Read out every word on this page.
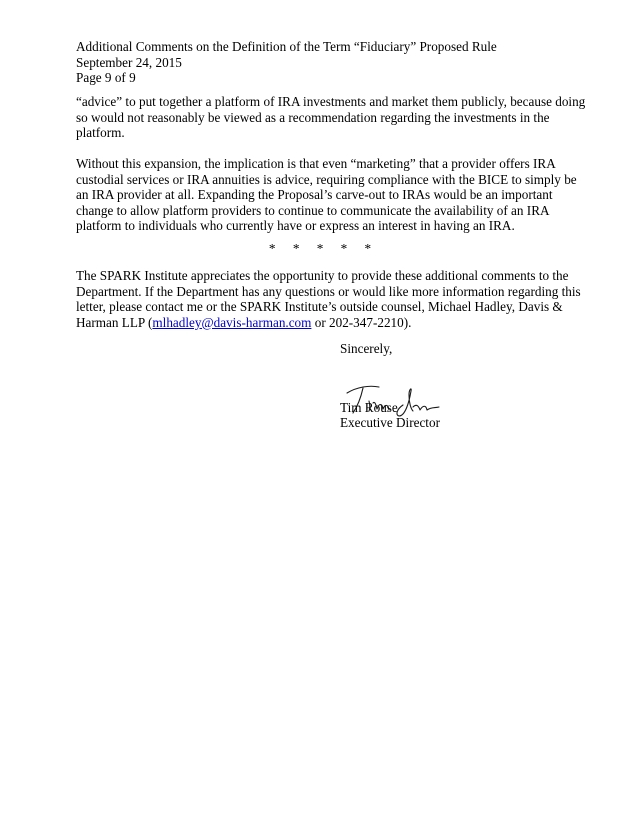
Additional Comments on the Definition of the Term “Fiduciary” Proposed Rule
September 24, 2015
Page 9 of 9
“advice” to put together a platform of IRA investments and market them publicly, because doing
so would not reasonably be viewed as a recommendation regarding the investments in the
platform.
Without this expansion, the implication is that even “marketing” that a provider offers IRA
custodial services or IRA annuities is advice, requiring compliance with the BICE to simply be
an IRA provider at all. Expanding the Proposal’s carve-out to IRAs would be an important
change to allow platform providers to continue to communicate the availability of an IRA
platform to individuals who currently have or express an interest in having an IRA.
* * * * *
The SPARK Institute appreciates the opportunity to provide these additional comments to the
Department. If the Department has any questions or would like more information regarding this
letter, please contact me or the SPARK Institute’s outside counsel, Michael Hadley, Davis &
Harman LLP (mlhadley@davis-harman.com or 202-347-2210).
Sincerely,
Tim Rouse
Executive Director
